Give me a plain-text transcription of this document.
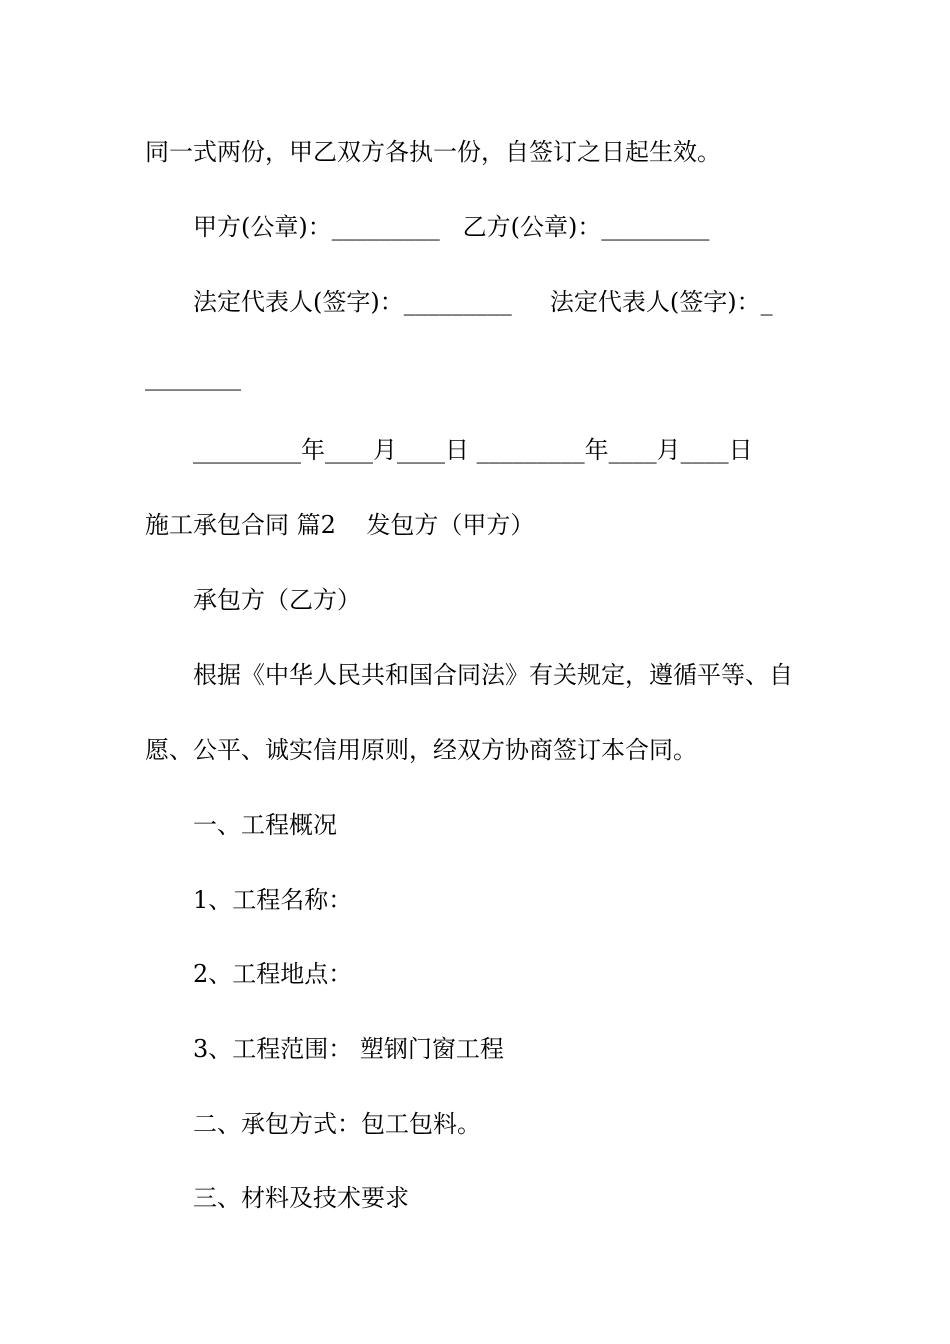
同一式两份，甲乙双方各执一份，自签订之日起生效。
甲方(公章)：_________   乙方(公章)：_________
法定代表人(签字)：_________     法定代表人(签字)：_
________
_________年____月____日 _________年____月____日
施工承包合同 篇2    发包方（甲方）
承包方（乙方）
根据《中华人民共和国合同法》有关规定，遵循平等、自
愿、公平、诚实信用原则，经双方协商签订本合同。
一、工程概况
1、工程名称：
2、工程地点：
3、工程范围： 塑钢门窗工程
二、承包方式：包工包料。
三、材料及技术要求
